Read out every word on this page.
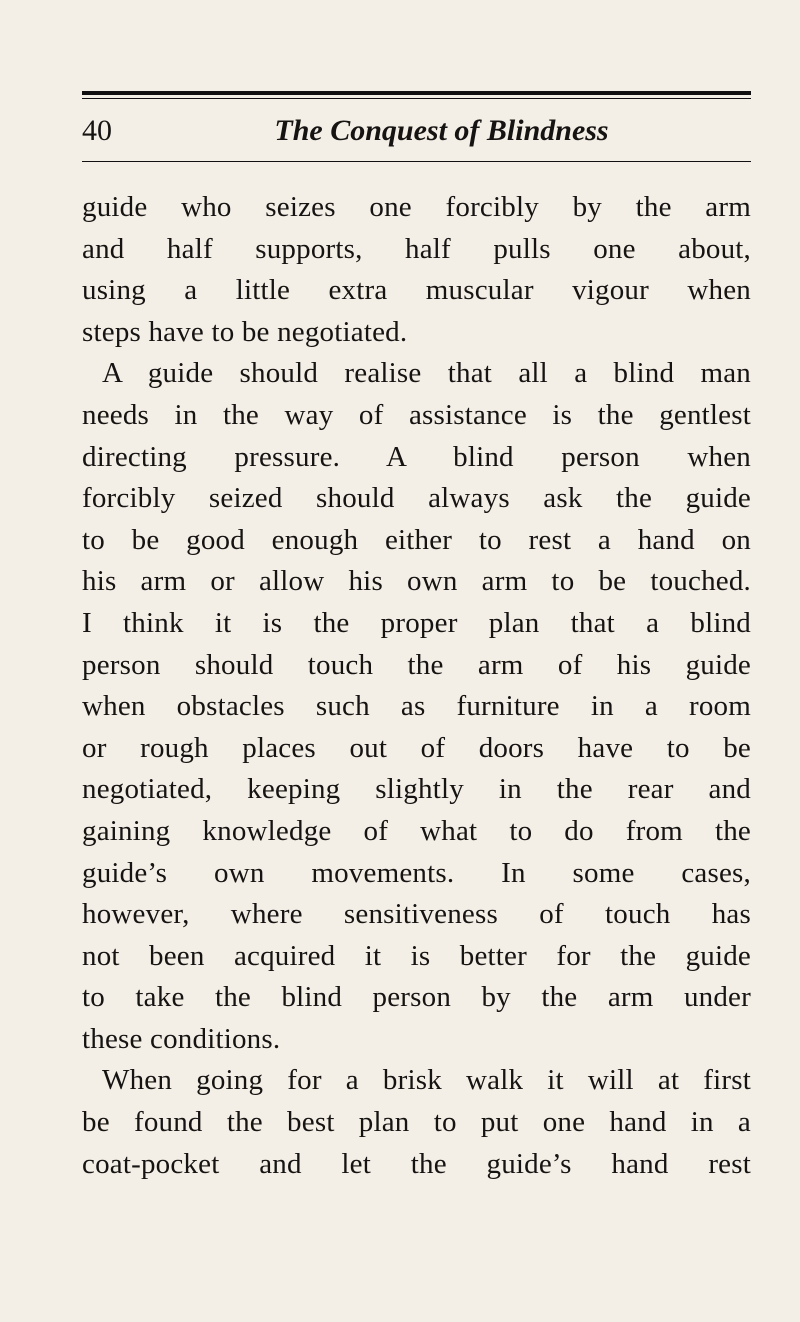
40	The Conquest of Blindness
guide who seizes one forcibly by the arm
and half supports, half pulls one about,
using a little extra muscular vigour when
steps have to be negotiated.
A guide should realise that all a blind man
needs in the way of assistance is the gentlest
directing pressure. A blind person when
forcibly seized should always ask the guide
to be good enough either to rest a hand on
his arm or allow his own arm to be touched.
I think it is the proper plan that a blind
person should touch the arm of his guide
when obstacles such as furniture in a room
or rough places out of doors have to be
negotiated, keeping slightly in the rear and
gaining knowledge of what to do from the
guide’s own movements. In some cases,
however, where sensitiveness of touch has
not been acquired it is better for the guide
to take the blind person by the arm under
these conditions.
When going for a brisk walk it will at first
be found the best plan to put one hand in a
coat-pocket and let the guide’s hand rest
